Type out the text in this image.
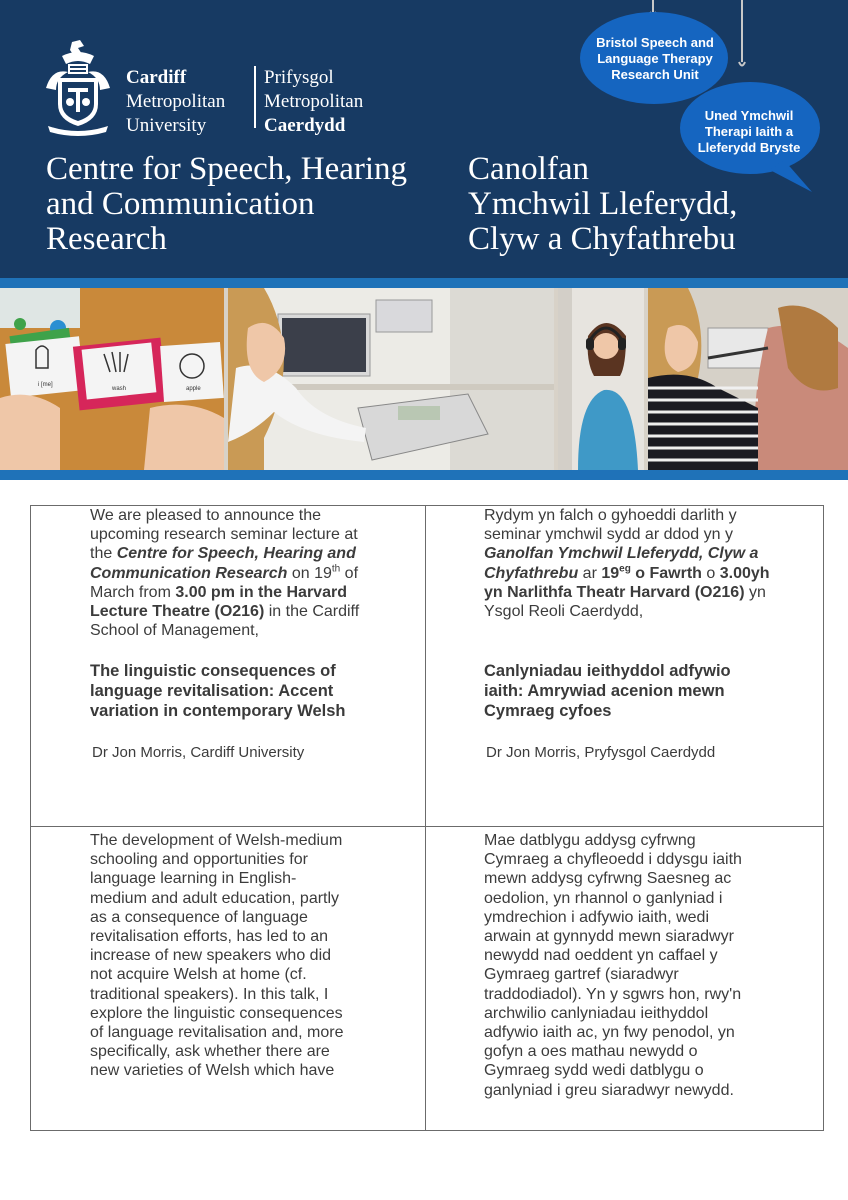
Cardiff
Metropolitan
University
Prifysgol
Metropolitan
Caerdydd
Centre for Speech, Hearing
and Communication
Research
Canolfan
Ymchwil Lleferydd,
Clyw a Chyfathrebu
Bristol Speech and
Language Therapy
Research Unit
Uned Ymchwil
Therapi Iaith a
Lleferydd Bryste
i [me]
wash	apple
We are pleased to announce the
upcoming research seminar lecture at
the Centre for Speech, Hearing and
Communication Research on 19th of
March from 3.00 pm in the Harvard
Lecture Theatre (O216) in the Cardiff
School of Management,
The linguistic consequences of
language revitalisation: Accent
variation in contemporary Welsh
Dr Jon Morris, Cardiff University
Rydym yn falch o gyhoeddi darlith y
seminar ymchwil sydd ar ddod yn y
Ganolfan Ymchwil Lleferydd, Clyw a
Chyfathrebu ar $19^{eg}$ o Fawrth o 3.00yh
yn Narlithfa Theatr Harvard (O216) yn
Ysgol Reoli Caerdydd,
Canlyniadau ieithyddol adfywio
iaith: Amrywiad acenion mewn
Cymraeg cyfoes
Dr Jon Morris, Pryfysgol Caerdydd
The development of Welsh-medium
schooling and opportunities for
language learning in English-
medium and adult education, partly
as a consequence of language
revitalisation efforts, has led to an
increase of new speakers who did
not acquire Welsh at home (cf.
traditional speakers). In this talk, I
explore the linguistic consequences
of language revitalisation and, more
specifically, ask whether there are
new varieties of Welsh which have
Mae datblygu addysg cyfrwng
Cymraeg a chyfleoedd i ddysgu iaith
mewn addysg cyfrwng Saesneg ac
oedolion, yn rhannol o ganlyniad i
ymdrechion i adfywio iaith, wedi
arwain at gynnydd mewn siaradwyr
newydd nad oeddent yn caffael y
Gymraeg gartref (siaradwyr
traddodiadol). Yn y sgwrs hon, rwy'n
archwilio canlyniadau ieithyddol
adfywio iaith ac, yn fwy penodol, yn
gofyn a oes mathau newydd o
Gymraeg sydd wedi datblygu o
ganlyniad i greu siaradwyr newydd.
